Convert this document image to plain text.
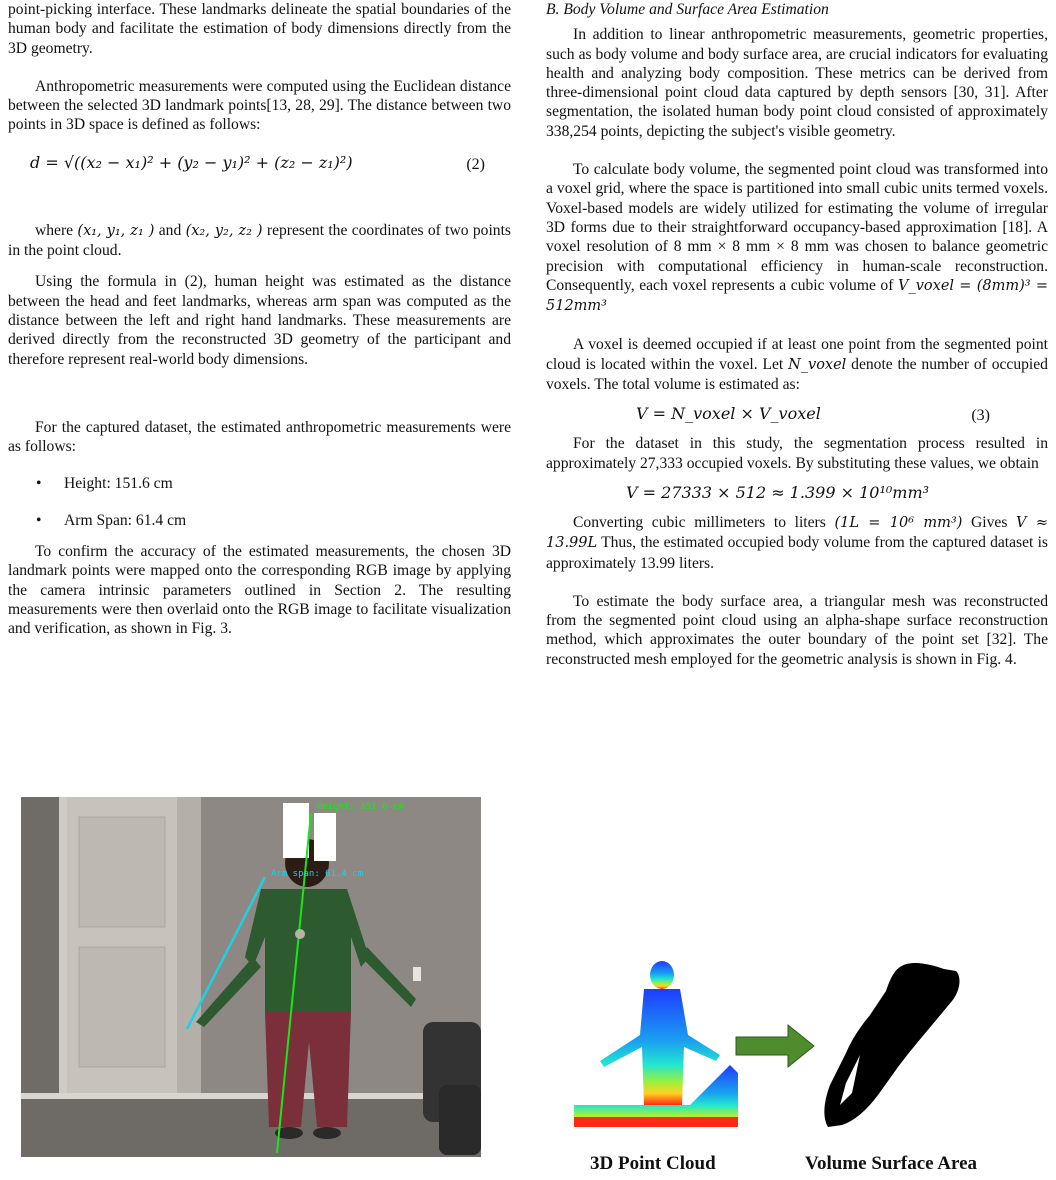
point-picking interface. These landmarks delineate the spatial boundaries of the human body and facilitate the estimation of body dimensions directly from the 3D geometry.

Anthropometric measurements were computed using the Euclidean distance between the selected 3D landmark points[13, 28, 29]. The distance between two points in 3D space is defined as follows:

d = √((x₂ − x₁)² + (y₂ − y₁)² + (z₂ − z₁)²)	(2)

where (x₁, y₁, z₁ ) and (x₂, y₂, z₂ ) represent the coordinates of two points in the point cloud.

Using the formula in (2), human height was estimated as the distance between the head and feet landmarks, whereas arm span was computed as the distance between the left and right hand landmarks. These measurements are derived directly from the reconstructed 3D geometry of the participant and therefore represent real-world body dimensions.

For the captured dataset, the estimated anthropometric measurements were as follows:

• Height: 151.6 cm

• Arm Span: 61.4 cm

To confirm the accuracy of the estimated measurements, the chosen 3D landmark points were mapped onto the corresponding RGB image by applying the camera intrinsic parameters outlined in Section 2. The resulting measurements were then overlaid onto the RGB image to facilitate visualization and verification, as shown in Fig. 3.

Height: 151.6 cm
Arm span: 61.4 cm

B. Body Volume and Surface Area Estimation

In addition to linear anthropometric measurements, geometric properties, such as body volume and body surface area, are crucial indicators for evaluating health and analyzing body composition. These metrics can be derived from three-dimensional point cloud data captured by depth sensors [30, 31]. After segmentation, the isolated human body point cloud consisted of approximately 338,254 points, depicting the subject's visible geometry.

To calculate body volume, the segmented point cloud was transformed into a voxel grid, where the space is partitioned into small cubic units termed voxels. Voxel-based models are widely utilized for estimating the volume of irregular 3D forms due to their straightforward occupancy-based approximation [18]. A voxel resolution of 8 mm × 8 mm × 8 mm was chosen to balance geometric precision with computational efficiency in human-scale reconstruction. Consequently, each voxel represents a cubic volume of V_voxel = (8mm)³ = 512mm³

A voxel is deemed occupied if at least one point from the segmented point cloud is located within the voxel. Let N_voxel denote the number of occupied voxels. The total volume is estimated as:

V = N_voxel × V_voxel	(3)

For the dataset in this study, the segmentation process resulted in approximately 27,333 occupied voxels. By substituting these values, we obtain

V = 27333 × 512 ≈ 1.399 × 10¹⁰mm³

Converting cubic millimeters to liters (1L = 10⁶ mm³) Gives V ≈ 13.99L Thus, the estimated occupied body volume from the captured dataset is approximately 13.99 liters.

To estimate the body surface area, a triangular mesh was reconstructed from the segmented point cloud using an alpha-shape surface reconstruction method, which approximates the outer boundary of the point set [32]. The reconstructed mesh employed for the geometric analysis is shown in Fig. 4.

3D Point Cloud	Volume Surface Area
